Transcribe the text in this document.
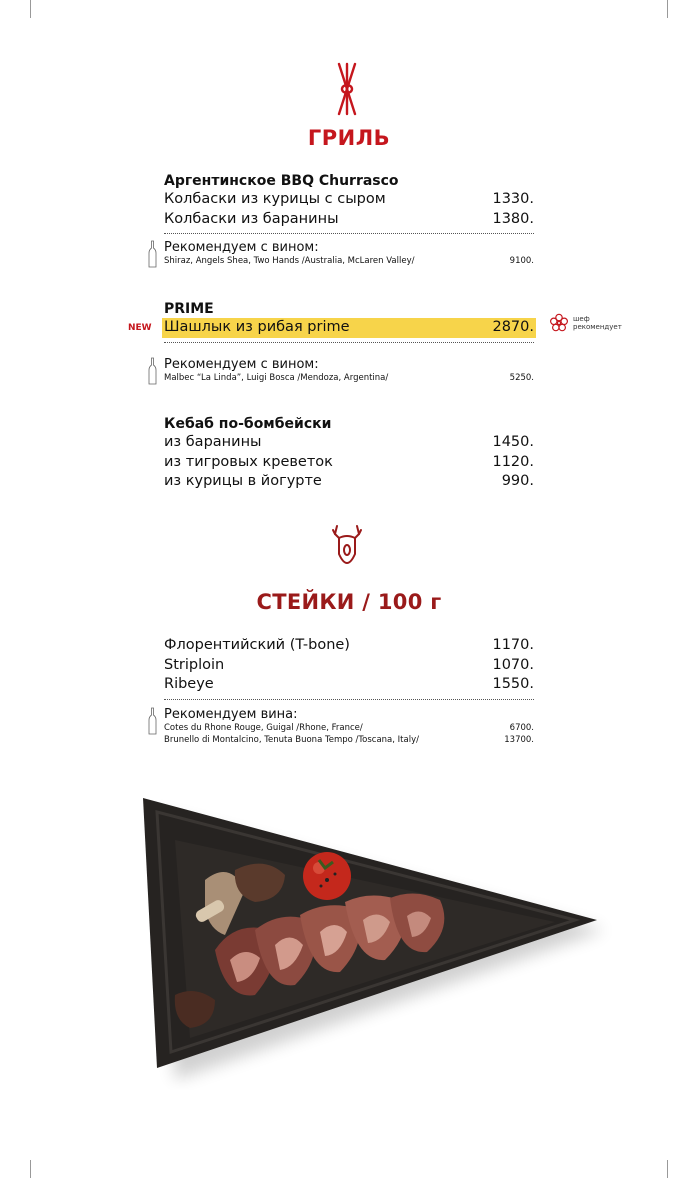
ГРИЛЬ
Аргентинское BBQ Churrasco
Колбаски из курицы с сыром	1330.
Колбаски из баранины	1380.
Рекомендуем с вином:
Shiraz, Angels Shea, Two Hands /Australia, McLaren Valley/	9100.
PRIME
Шашлык из рибая prime	2870.
NEW
шеф
рекомендует
Рекомендуем с вином:
Malbec “La Linda”, Luigi Bosca /Mendoza, Argentina/	5250.
Кебаб по-бомбейски
из баранины	1450.
из тигровых креветок	1120.
из курицы в йогурте	990.
СТЕЙКИ / 100 г
Флорентийский (T-bone)	1170.
Striploin	1070.
Ribeye	1550.
Рекомендуем вина:
Cotes du Rhone Rouge, Guigal /Rhone, France/	6700.
Brunello di Montalcino, Tenuta Buona Tempo /Toscana, Italy/	13700.
